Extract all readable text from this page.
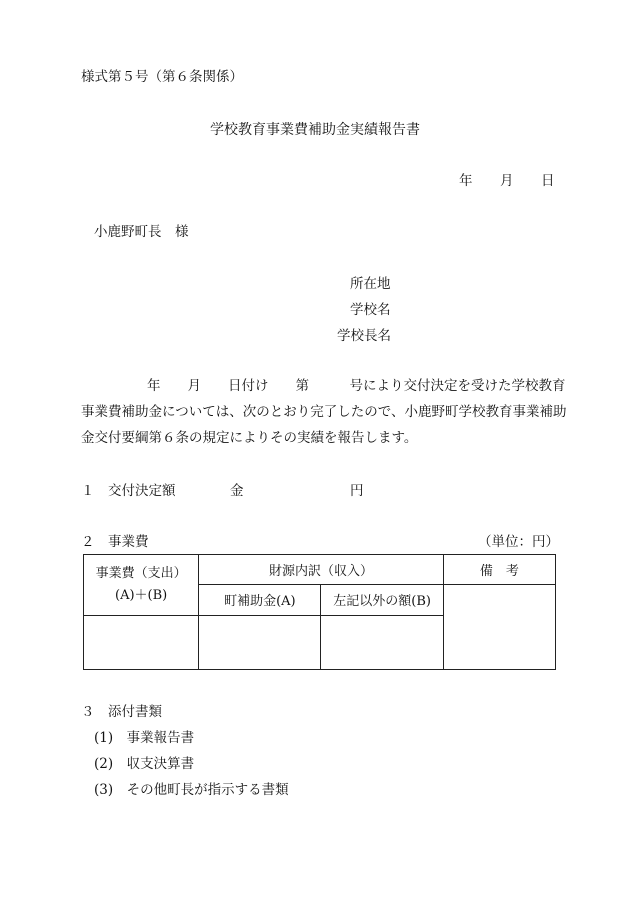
様式第５号（第６条関係）
学校教育事業費補助金実績報告書
年 月 日
小鹿野町長　様
所在地
学校名
学校長名
年　　月　　日付け　　第　　　号により交付決定を受けた学校教育
事業費補助金については、次のとおり完了したので、小鹿野町学校教育事業補助
金交付要綱第６条の規定によりその実績を報告します。
１ 交付決定額	金	円
２ 事業費	（単位：円）
事業費（支出）
(A)＋(B)	財源内訳（収入）		備　考
	町補助金(A)	左記以外の額(B)	

３ 添付書類
(1)　事業報告書
(2)　収支決算書
(3)　その他町長が指示する書類
